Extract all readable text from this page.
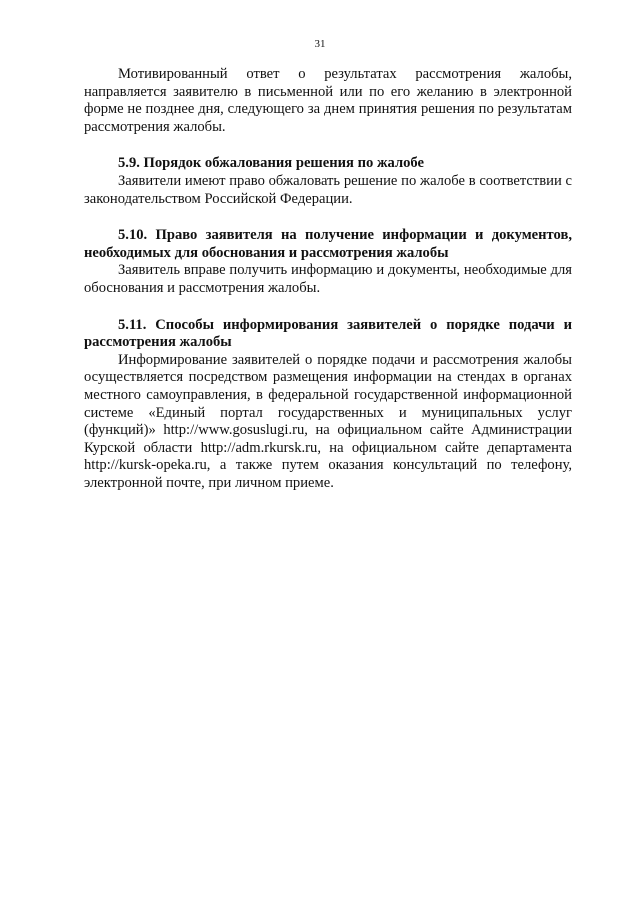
31

Мотивированный ответ о результатах рассмотрения жалобы, направляется заявителю в письменной или по его желанию в электронной форме не позднее дня, следующего за днем принятия решения по результатам рассмотрения жалобы.

5.9. Порядок обжалования решения по жалобе

Заявители имеют право обжаловать решение по жалобе в соответствии с законодательством Российской Федерации.

5.10. Право заявителя на получение информации и документов, необходимых для обоснования и рассмотрения жалобы

Заявитель вправе получить информацию и документы, необходимые для обоснования и рассмотрения жалобы.

5.11. Способы информирования заявителей о порядке подачи и рассмотрения жалобы

Информирование заявителей о порядке подачи и рассмотрения жалобы осуществляется посредством размещения информации на стендах в органах местного самоуправления, в федеральной государственной информационной системе «Единый портал государственных и муниципальных услуг (функций)» http://www.gosuslugi.ru, на официальном сайте Администрации Курской области http://adm.rkursk.ru, на официальном сайте департамента http://kursk-opeka.ru, а также путем оказания консультаций по телефону, электронной почте, при личном приеме.
